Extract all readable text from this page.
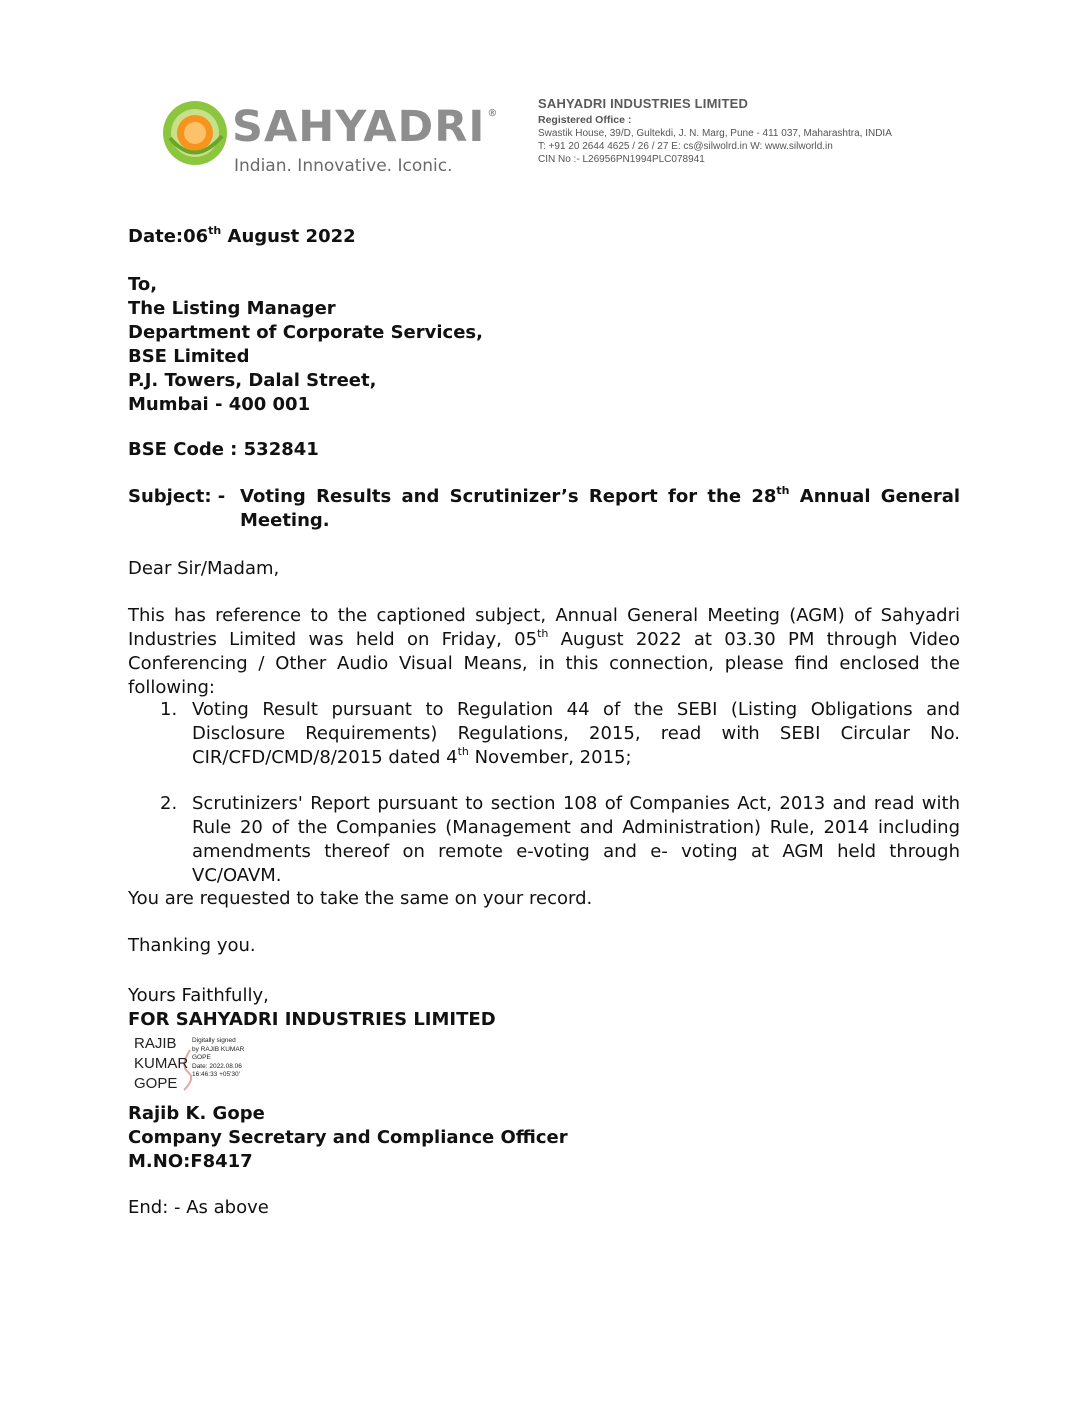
SAHYADRI ®
Indian. Innovative. Iconic.
SAHYADRI INDUSTRIES LIMITED
Registered Office :
Swastik House, 39/D, Gultekdi, J. N. Marg, Pune - 411 037, Maharashtra, INDIA
T: +91 20 2644 4625 / 26 / 27 E: cs@silwolrd.in W: www.silworld.in
CIN No :- L26956PN1994PLC078941
Date:06th August 2022
To,
The Listing Manager
Department of Corporate Services,
BSE Limited
P.J. Towers, Dalal Street,
Mumbai - 400 001
BSE Code : 532841
Subject: - Voting Results and Scrutinizer’s Report for the 28th Annual General
Meeting.
Dear Sir/Madam,
This has reference to the captioned subject, Annual General Meeting (AGM) of Sahyadri Industries Limited was held on Friday, 05th August 2022 at 03.30 PM through Video Conferencing / Other Audio Visual Means, in this connection, please find enclosed the following:
1. Voting Result pursuant to Regulation 44 of the SEBI (Listing Obligations and Disclosure Requirements) Regulations, 2015, read with SEBI Circular No. CIR/CFD/CMD/8/2015 dated 4th November, 2015;
2. Scrutinizers' Report pursuant to section 108 of Companies Act, 2013 and read with Rule 20 of the Companies (Management and Administration) Rule, 2014 including amendments thereof on remote e-voting and e- voting at AGM held through VC/OAVM.
You are requested to take the same on your record.
Thanking you.
Yours Faithfully,
FOR SAHYADRI INDUSTRIES LIMITED
RAJIB
KUMAR
GOPE
Digitally signed
by RAJIB KUMAR
GOPE
Date: 2022.08.06
16:46:33 +05'30'
Rajib K. Gope
Company Secretary and Compliance Officer
M.NO:F8417
End: - As above
